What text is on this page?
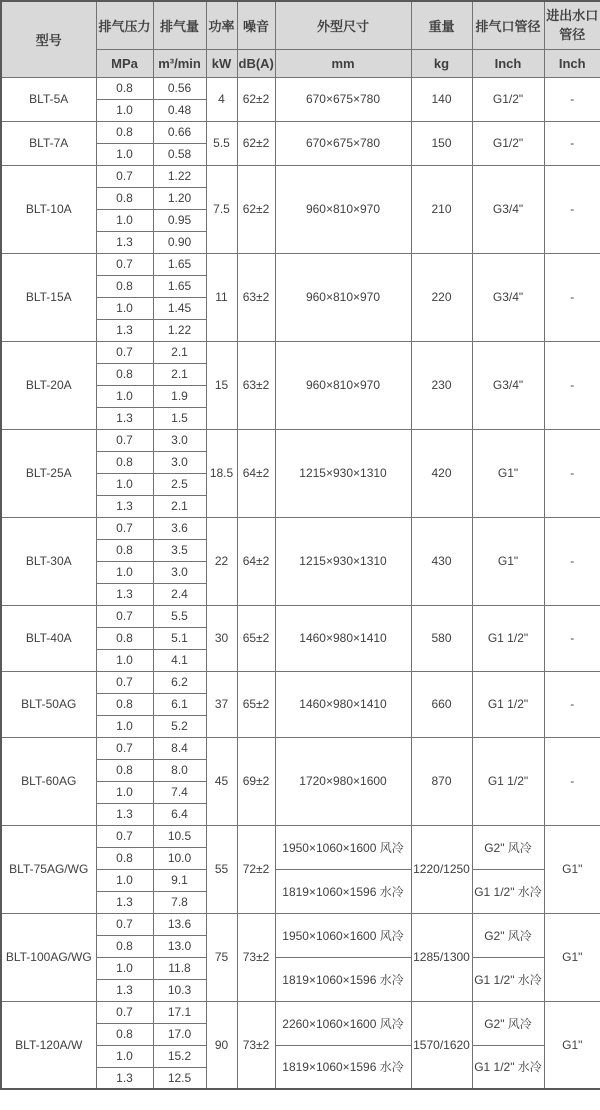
型号	排气压力	排气量	功率	噪音	外型尺寸	重量	排气口管径	进出水口管径
	MPa	m³/min	kW	dB(A)	mm	kg	Inch	Inch
BLT-5A	0.8	0.56	4	62±2	670×675×780	140	G1/2"	-
	1.0	0.48						
BLT-7A	0.8	0.66	5.5	62±2	670×675×780	150	G1/2"	-
	1.0	0.58						
BLT-10A	0.7	1.22	7.5	62±2	960×810×970	210	G3/4"	-
	0.8	1.20						
	1.0	0.95						
	1.3	0.90						
BLT-15A	0.7	1.65	11	63±2	960×810×970	220	G3/4"	-
	0.8	1.65						
	1.0	1.45						
	1.3	1.22						
BLT-20A	0.7	2.1	15	63±2	960×810×970	230	G3/4"	-
	0.8	2.1						
	1.0	1.9						
	1.3	1.5						
BLT-25A	0.7	3.0	18.5	64±2	1215×930×1310	420	G1"	-
	0.8	3.0						
	1.0	2.5						
	1.3	2.1						
BLT-30A	0.7	3.6	22	64±2	1215×930×1310	430	G1"	-
	0.8	3.5						
	1.0	3.0						
	1.3	2.4						
BLT-40A	0.7	5.5	30	65±2	1460×980×1410	580	G1 1/2"	-
	0.8	5.1						
	1.0	4.1						
BLT-50AG	0.7	6.2	37	65±2	1460×980×1410	660	G1 1/2"	-
	0.8	6.1						
	1.0	5.2						
BLT-60AG	0.7	8.4	45	69±2	1720×980×1600	870	G1 1/2"	-
	0.8	8.0						
	1.0	7.4						
	1.3	6.4						
BLT-75AG/WG	0.7	10.5	55	72±2	1950×1060×1600 风冷	1220/1250	G2" 风冷	G1"
	0.8	10.0						
	1.0	9.1			1819×1060×1596 水冷		G1 1/2" 水冷	
	1.3	7.8						
BLT-100AG/WG	0.7	13.6	75	73±2	1950×1060×1600 风冷	1285/1300	G2" 风冷	G1"
	0.8	13.0						
	1.0	11.8			1819×1060×1596 水冷		G1 1/2" 水冷	
	1.3	10.3						
BLT-120A/W	0.7	17.1	90	73±2	2260×1060×1600 风冷	1570/1620	G2" 风冷	G1"
	0.8	17.0						
	1.0	15.2			1819×1060×1596 水冷		G1 1/2" 水冷	
	1.3	12.5						
